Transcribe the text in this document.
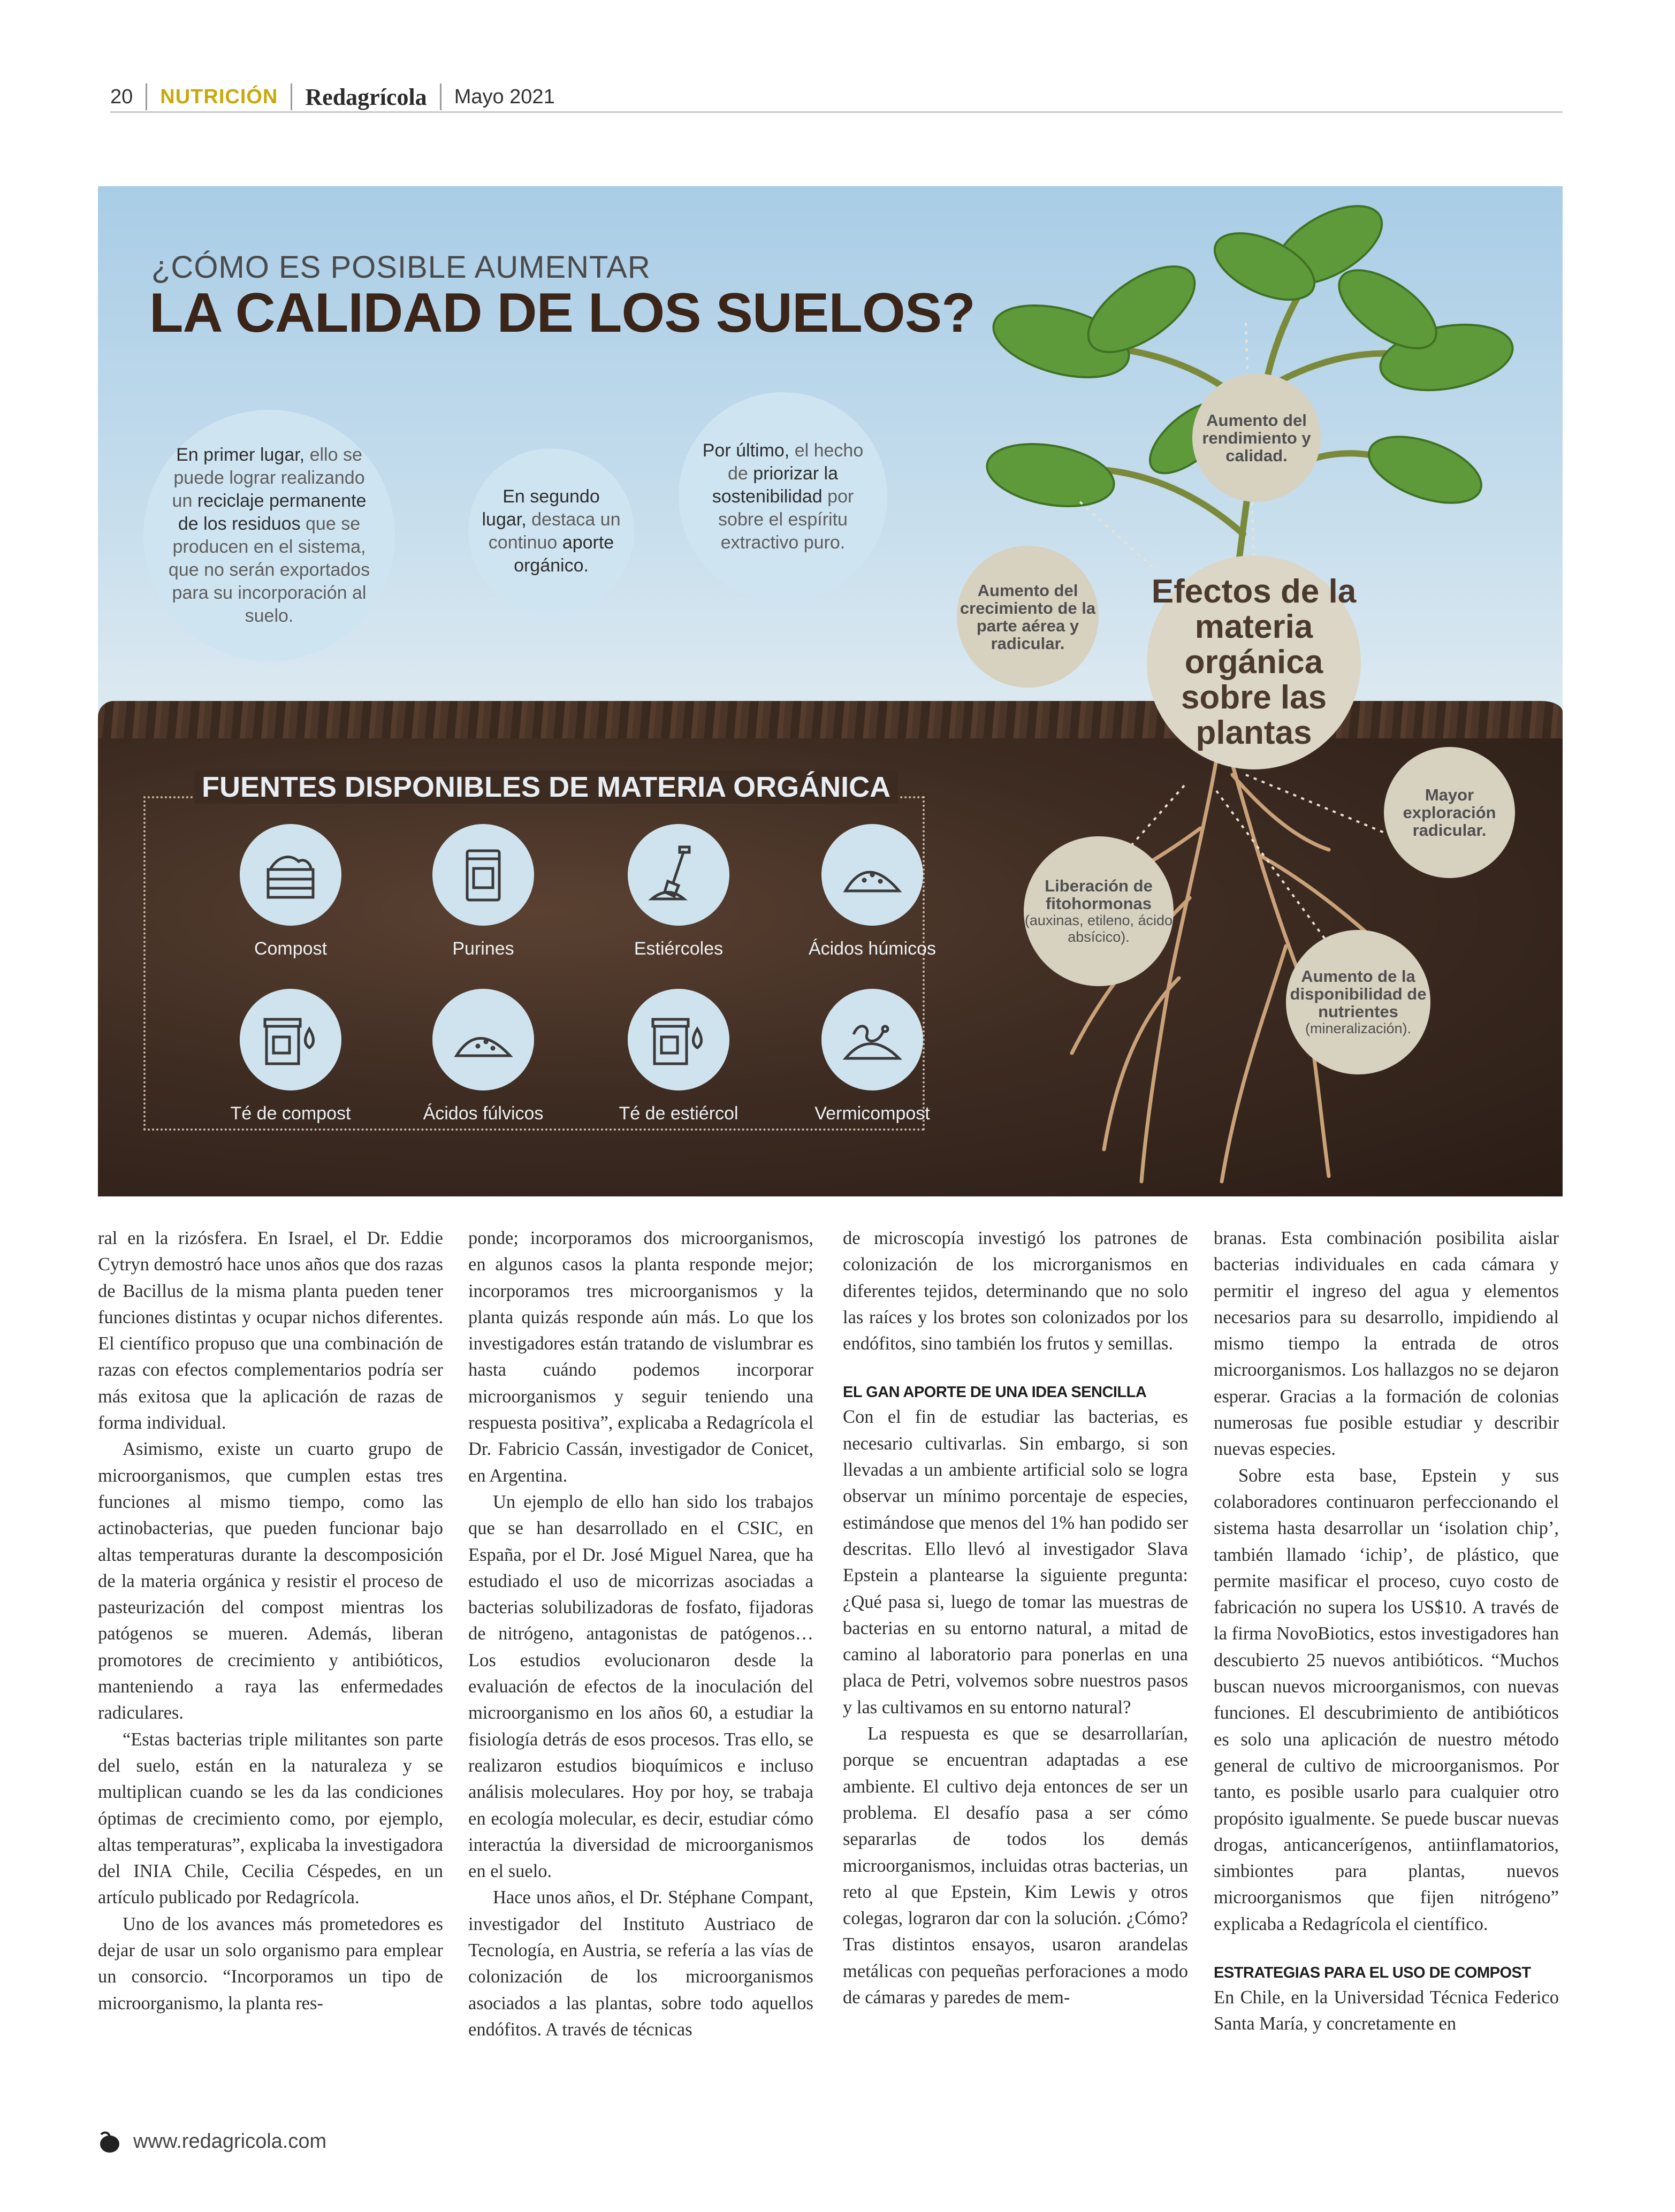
20 NUTRICIÓN Redagrícola Mayo 2021
¿CÓMO ES POSIBLE AUMENTAR
LA CALIDAD DE LOS SUELOS?
En primer lugar, ello se puede lograr realizando un reciclaje permanente de los residuos que se producen en el sistema, que no serán exportados para su incorporación al suelo.
En segundo lugar, destaca un continuo aporte orgánico.
Por último, el hecho de priorizar la sostenibilidad por sobre el espíritu extractivo puro.
Aumento del rendimiento y calidad.
Aumento del crecimiento de la parte aérea y radicular.
Efectos de la materia orgánica sobre las plantas
Liberación de fitohormonas
(auxinas, etileno, ácido absícico).
Mayor exploración radicular.
Aumento de la disponibilidad de nutrientes
(mineralización).
FUENTES DISPONIBLES DE MATERIA ORGÁNICA
Compost	Purines	Estiércoles	Ácidos húmicos
Té de compost	Ácidos fúlvicos	Té de estiércol	Vermicompost

ral en la rizósfera. En Israel, el Dr. Eddie Cytryn demostró hace unos años que dos razas de Bacillus de la misma planta pueden tener funciones distintas y ocupar nichos diferentes. El científico propuso que una combinación de razas con efectos complementarios podría ser más exitosa que la aplicación de razas de forma individual.

Asimismo, existe un cuarto grupo de microorganismos, que cumplen estas tres funciones al mismo tiempo, como las actinobacterias, que pueden funcionar bajo altas temperaturas durante la descomposición de la materia orgánica y resistir el proceso de pasteurización del compost mientras los patógenos se mueren. Además, liberan promotores de crecimiento y antibióticos, manteniendo a raya las enfermedades radiculares.

“Estas bacterias triple militantes son parte del suelo, están en la naturaleza y se multiplican cuando se les da las condiciones óptimas de crecimiento como, por ejemplo, altas temperaturas”, explicaba la investigadora del INIA Chile, Cecilia Céspedes, en un artículo publicado por Redagrícola.

Uno de los avances más prometedores es dejar de usar un solo organismo para emplear un consorcio. “Incorporamos un tipo de microorganismo, la planta res-

ponde; incorporamos dos microorganismos, en algunos casos la planta responde mejor; incorporamos tres microorganismos y la planta quizás responde aún más. Lo que los investigadores están tratando de vislumbrar es hasta cuándo podemos incorporar microorganismos y seguir teniendo una respuesta positiva”, explicaba a Redagrícola el Dr. Fabricio Cassán, investigador de Conicet, en Argentina.

Un ejemplo de ello han sido los trabajos que se han desarrollado en el CSIC, en España, por el Dr. José Miguel Narea, que ha estudiado el uso de micorrizas asociadas a bacterias solubilizadoras de fosfato, fijadoras de nitrógeno, antagonistas de patógenos… Los estudios evolucionaron desde la evaluación de efectos de la inoculación del microorganismo en los años 60, a estudiar la fisiología detrás de esos procesos. Tras ello, se realizaron estudios bioquímicos e incluso análisis moleculares. Hoy por hoy, se trabaja en ecología molecular, es decir, estudiar cómo interactúa la diversidad de microorganismos en el suelo.

Hace unos años, el Dr. Stéphane Compant, investigador del Instituto Austriaco de Tecnología, en Austria, se refería a las vías de colonización de los microorganismos asociados a las plantas, sobre todo aquellos endófitos. A través de técnicas

de microscopía investigó los patrones de colonización de los microrganismos en diferentes tejidos, determinando que no solo las raíces y los brotes son colonizados por los endófitos, sino también los frutos y semillas.

EL GAN APORTE DE UNA IDEA SENCILLA

Con el fin de estudiar las bacterias, es necesario cultivarlas. Sin embargo, si son llevadas a un ambiente artificial solo se logra observar un mínimo porcentaje de especies, estimándose que menos del 1% han podido ser descritas. Ello llevó al investigador Slava Epstein a plantearse la siguiente pregunta: ¿Qué pasa si, luego de tomar las muestras de bacterias en su entorno natural, a mitad de camino al laboratorio para ponerlas en una placa de Petri, volvemos sobre nuestros pasos y las cultivamos en su entorno natural?

La respuesta es que se desarrollarían, porque se encuentran adaptadas a ese ambiente. El cultivo deja entonces de ser un problema. El desafío pasa a ser cómo separarlas de todos los demás microorganismos, incluidas otras bacterias, un reto al que Epstein, Kim Lewis y otros colegas, lograron dar con la solución. ¿Cómo? Tras distintos ensayos, usaron arandelas metálicas con pequeñas perforaciones a modo de cámaras y paredes de mem-

branas. Esta combinación posibilita aislar bacterias individuales en cada cámara y permitir el ingreso del agua y elementos necesarios para su desarrollo, impidiendo al mismo tiempo la entrada de otros microorganismos. Los hallazgos no se dejaron esperar. Gracias a la formación de colonias numerosas fue posible estudiar y describir nuevas especies.

Sobre esta base, Epstein y sus colaboradores continuaron perfeccionando el sistema hasta desarrollar un ‘isolation chip’, también llamado ‘ichip’, de plástico, que permite masificar el proceso, cuyo costo de fabricación no supera los US$10. A través de la firma NovoBiotics, estos investigadores han descubierto 25 nuevos antibióticos. “Muchos buscan nuevos microorganismos, con nuevas funciones. El descubrimiento de antibióticos es solo una aplicación de nuestro método general de cultivo de microorganismos. Por tanto, es posible usarlo para cualquier otro propósito igualmente. Se puede buscar nuevas drogas, anticancerígenos, antiinflamatorios, simbiontes para plantas, nuevos microorganismos que fijen nitrógeno” explicaba a Redagrícola el científico.

ESTRATEGIAS PARA EL USO DE COMPOST

En Chile, en la Universidad Técnica Federico Santa María, y concretamente en

www.redagricola.com
